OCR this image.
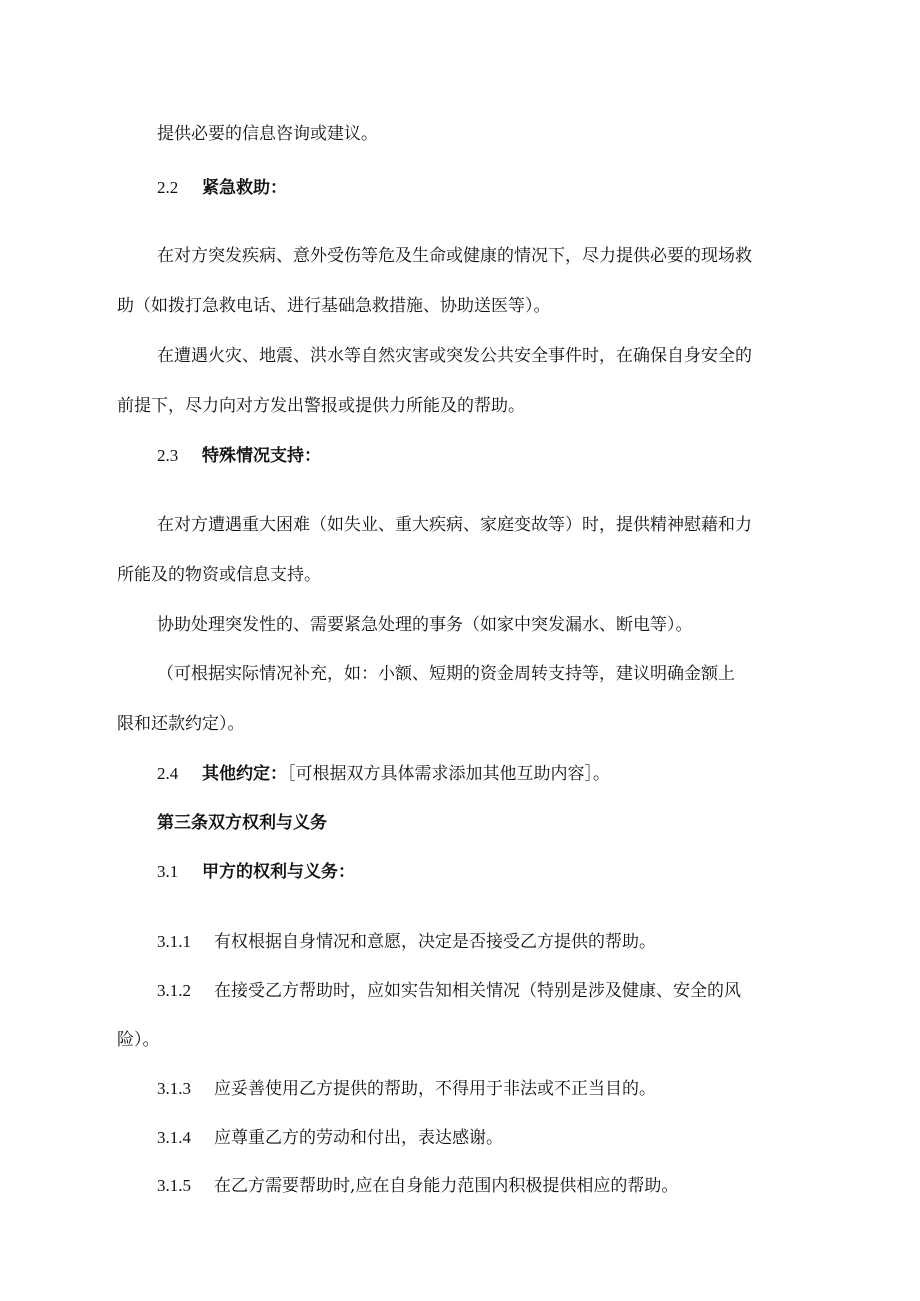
提供必要的信息咨询或建议。
2.2 紧急救助：
在对方突发疾病、意外受伤等危及生命或健康的情况下，尽力提供必要的现场救
助（如拨打急救电话、进行基础急救措施、协助送医等）。
在遭遇火灾、地震、洪水等自然灾害或突发公共安全事件时，在确保自身安全的
前提下，尽力向对方发出警报或提供力所能及的帮助。
2.3 特殊情况支持：
在对方遭遇重大困难（如失业、重大疾病、家庭变故等）时，提供精神慰藉和力
所能及的物资或信息支持。
协助处理突发性的、需要紧急处理的事务（如家中突发漏水、断电等）。
（可根据实际情况补充，如：小额、短期的资金周转支持等，建议明确金额上
限和还款约定）。
2.4 其他约定：［可根据双方具体需求添加其他互助内容］。
第三条双方权利与义务
3.1 甲方的权利与义务：
3.1.1 有权根据自身情况和意愿，决定是否接受乙方提供的帮助。
3.1.2 在接受乙方帮助时，应如实告知相关情况（特别是涉及健康、安全的风
险）。
3.1.3 应妥善使用乙方提供的帮助，不得用于非法或不正当目的。
3.1.4 应尊重乙方的劳动和付出，表达感谢。
3.1.5 在乙方需要帮助时,应在自身能力范围内积极提供相应的帮助。
